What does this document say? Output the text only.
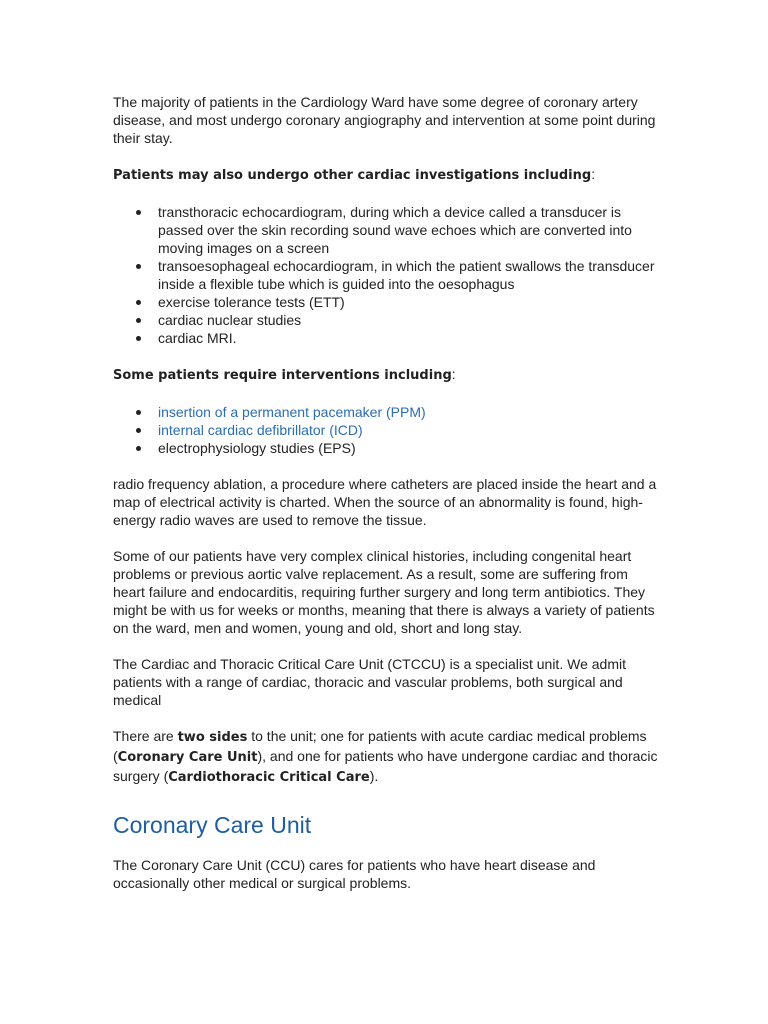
The majority of patients in the Cardiology Ward have some degree of coronary artery disease, and most undergo coronary angiography and intervention at some point during their stay.

Patients may also undergo other cardiac investigations including:

transthoracic echocardiogram, during which a device called a transducer is passed over the skin recording sound wave echoes which are converted into moving images on a screen
transoesophageal echocardiogram, in which the patient swallows the transducer inside a flexible tube which is guided into the oesophagus
exercise tolerance tests (ETT)
cardiac nuclear studies
cardiac MRI.

Some patients require interventions including:

insertion of a permanent pacemaker (PPM)
internal cardiac defibrillator (ICD)
electrophysiology studies (EPS)

radio frequency ablation, a procedure where catheters are placed inside the heart and a map of electrical activity is charted. When the source of an abnormality is found, high-energy radio waves are used to remove the tissue.

Some of our patients have very complex clinical histories, including congenital heart problems or previous aortic valve replacement. As a result, some are suffering from heart failure and endocarditis, requiring further surgery and long term antibiotics. They might be with us for weeks or months, meaning that there is always a variety of patients on the ward, men and women, young and old, short and long stay.

The Cardiac and Thoracic Critical Care Unit (CTCCU) is a specialist unit. We admit patients with a range of cardiac, thoracic and vascular problems, both surgical and medical

There are two sides to the unit; one for patients with acute cardiac medical problems (Coronary Care Unit), and one for patients who have undergone cardiac and thoracic surgery (Cardiothoracic Critical Care).

Coronary Care Unit

The Coronary Care Unit (CCU) cares for patients who have heart disease and occasionally other medical or surgical problems.
